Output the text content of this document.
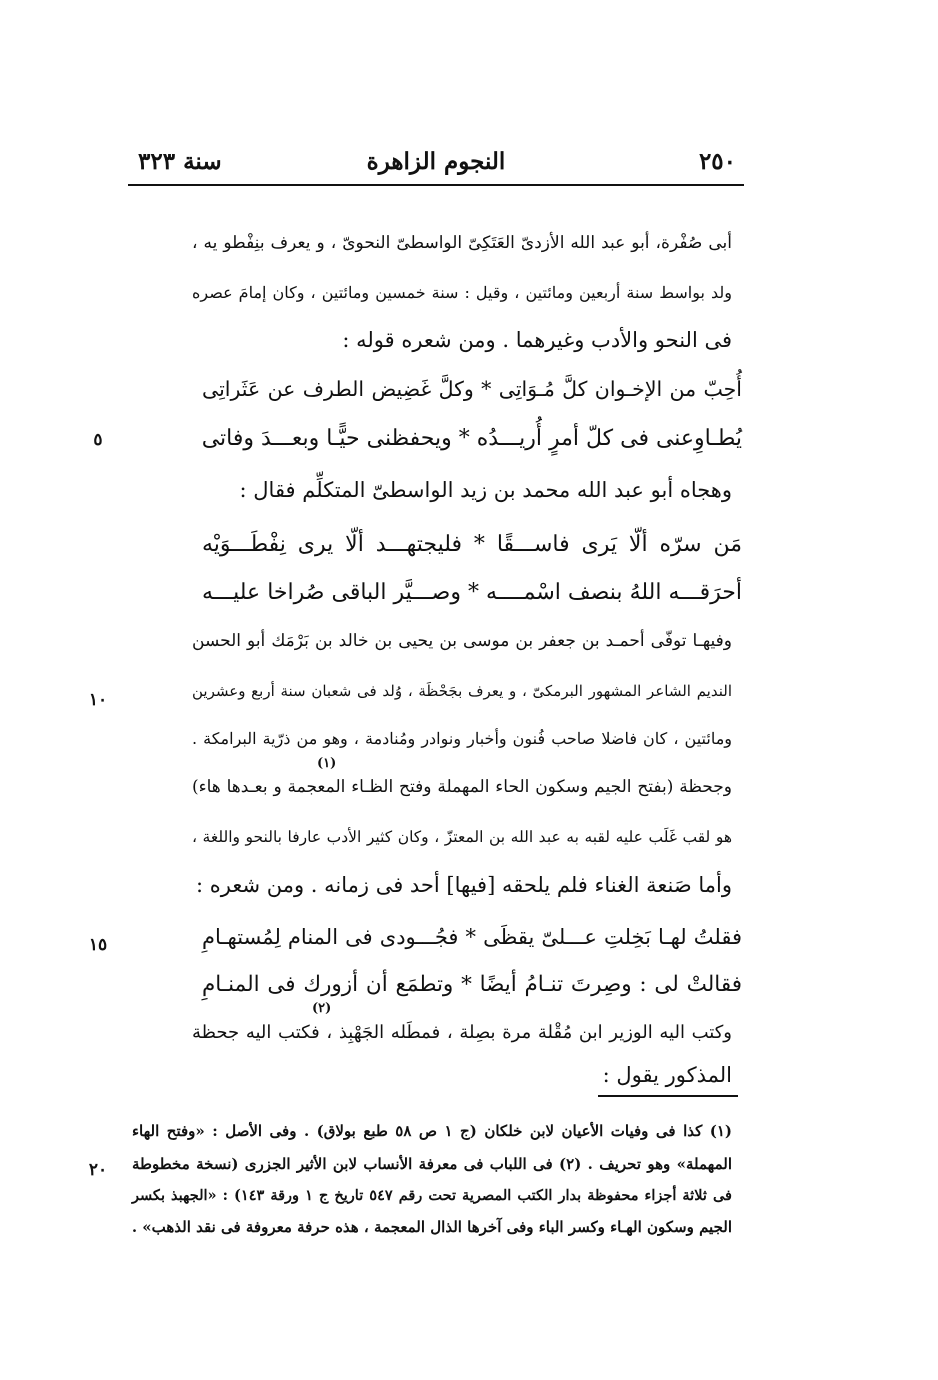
سنة ٣٢٣	النجوم الزاهرة	٢٥٠
أبى صُفْرة، أبو عبد الله الأزدىّ العَتَكِىّ الواسطىّ النحوىّ ، و يعرف بنِفْطو يه ،
ولد بواسط سنة أربعين ومائتين ، وقيل : سنة خمسين ومائتين ، وكان إمامَ عصره
فى النحو والأدب وغيرهما . ومن شعره قوله :
أُحِبّ من الإخـوان كلَّ مُـوَاتِى * وكلَّ غَضِيض الطرف عن عَثَراتِى
يُطـاوِعنى فى كلّ أمرٍ أُريـــدُه * ويحفظنى حيًّـا وبعـــدَ وفاتى
وهجاه أبو عبد الله محمد بن زيد الواسطىّ المتكلِّم فقال :
مَن سرّه ألّا يَرى فاســـقًا * فليجتهـــد ألّا يرى نِفْطَـــوَيْه
أحرَقـــه اللهُ بنصف اسْمــــه * وصـــيَّر الباقى صُراخا عليـــه
وفيهـا توفّى أحمـد بن جعفر بن موسى بن يحيى بن خالد بن بَرْمَك أبو الحسن
النديم الشاعر المشهور البرمكىّ ، و يعرف بجَحْظَة ، وُلد فى شعبان سنة أربع وعشرين
ومائتين ، كان فاضلا صاحب فُنون وأخبار ونوادر ومُنادمة ، وهو من ذرّية البرامكة .
(١)
وجحظة (بفتح الجيم وسكون الحاء المهملة وفتح الظـاء المعجمة و بعـدها هاء)
هو لقب غَلَب عليه لقبه به عبد الله بن المعتزّ ، وكان كثير الأدب عارفا بالنحو واللغة ،
وأما صَنعة الغناء فلم يلحقه [فيها] أحد فى زمانه . ومن شعره :
فقلتُ لهـا بَخِلتِ عـــلىّ يقظَى * فجُـــودى فى المنام لِمُستهـامِ
فقالتْ لى : وصِرتَ تنـامُ أيضًا * وتطمَع أن أزورك فى المنـامِ
(٢)
وكتب اليه الوزير ابن مُقْلة مرة بصِلة ، فمطَله الجَهْبِذ ، فكتب اليه جحظة
المذكور يقول :
٥
١٠
١٥
٢٠
(١) كذا فى وفيات الأعيان لابن خلكان (ج ١ ص ٥٨ طبع بولاق) . وفى الأصل : «وفتح الهاء
المهملة» وهو تحريف . (٢) فى اللباب فى معرفة الأنساب لابن الأثير الجزرى (نسخة مخطوطة
فى ثلاثة أجزاء محفوظة بدار الكتب المصرية تحت رقم ٥٤٧ تاريخ ج ١ ورقة ١٤٣) : «الجهبذ بكسر
الجيم وسكون الهـاء وكسر الباء وفى آخرها الذال المعجمة ، هذه حرفة معروفة فى نقد الذهب» .
